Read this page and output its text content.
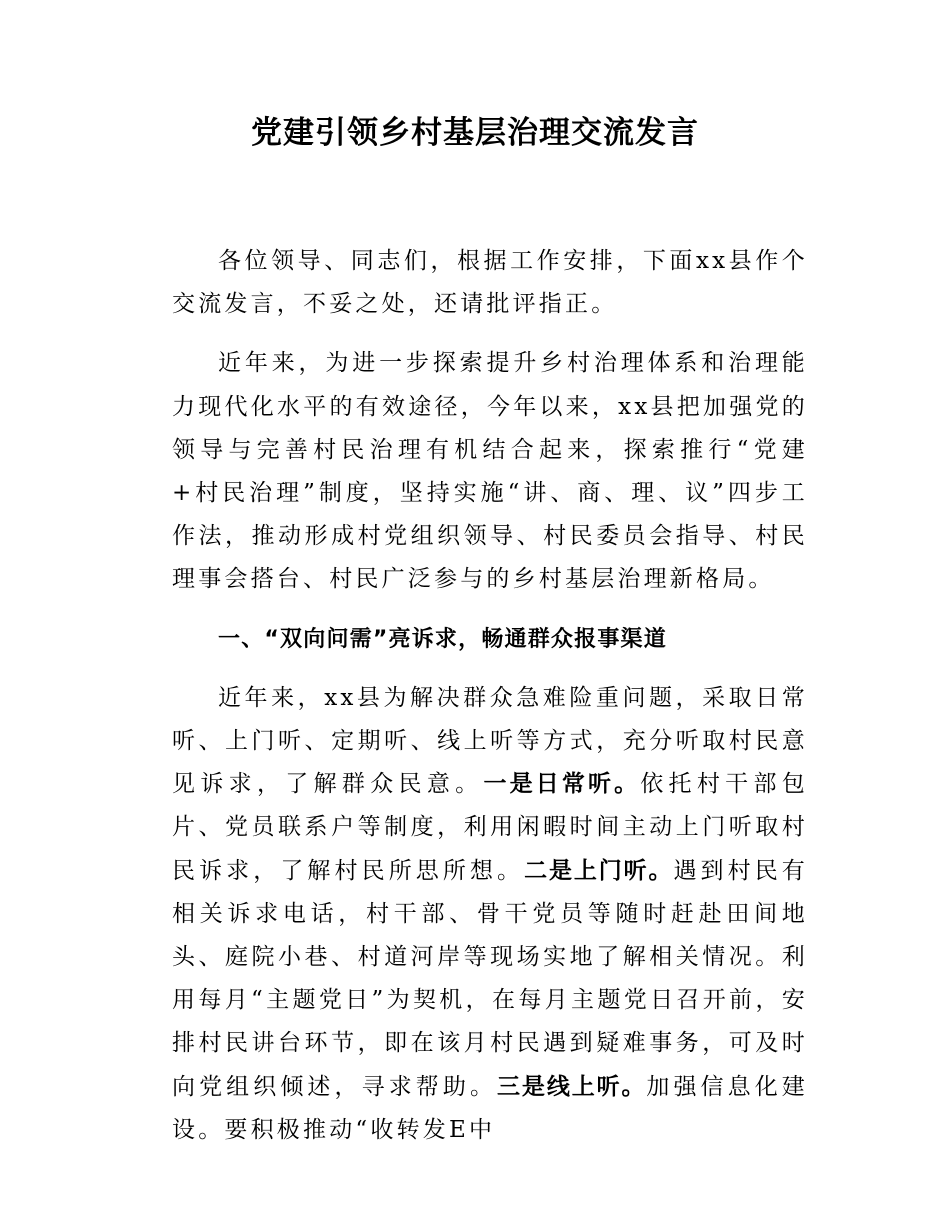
党建引领乡村基层治理交流发言

各位领导、同志们，根据工作安排，下面xx县作个交流发言，不妥之处，还请批评指正。

近年来，为进一步探索提升乡村治理体系和治理能力现代化水平的有效途径，今年以来，xx县把加强党的领导与完善村民治理有机结合起来，探索推行“党建+村民治理”制度，坚持实施“讲、商、理、议”四步工作法，推动形成村党组织领导、村民委员会指导、村民理事会搭台、村民广泛参与的乡村基层治理新格局。

一、“双向问需”亮诉求，畅通群众报事渠道

近年来，xx县为解决群众急难险重问题，采取日常听、上门听、定期听、线上听等方式，充分听取村民意见诉求，了解群众民意。一是日常听。依托村干部包片、党员联系户等制度，利用闲暇时间主动上门听取村民诉求，了解村民所思所想。二是上门听。遇到村民有相关诉求电话，村干部、骨干党员等随时赶赴田间地头、庭院小巷、村道河岸等现场实地了解相关情况。利用每月“主题党日”为契机，在每月主题党日召开前，安排村民讲台环节，即在该月村民遇到疑难事务，可及时向党组织倾述，寻求帮助。三是线上听。加强信息化建设。要积极推动“收转发E中
